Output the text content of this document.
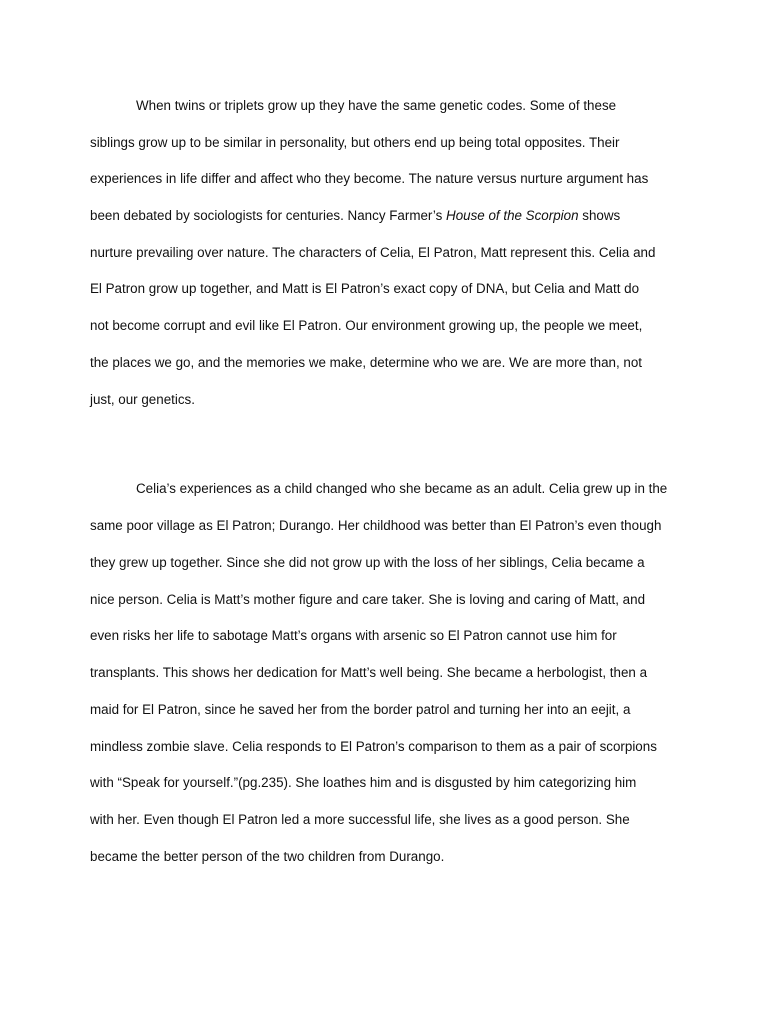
When twins or triplets grow up they have the same genetic codes. Some of these
siblings grow up to be similar in personality, but others end up being total opposites. Their
experiences in life differ and affect who they become. The nature versus nurture argument has
been debated by sociologists for centuries. Nancy Farmer’s House of the Scorpion shows
nurture prevailing over nature. The characters of Celia, El Patron, Matt represent this. Celia and
El Patron grow up together, and Matt is El Patron’s exact copy of DNA, but Celia and Matt do
not become corrupt and evil like El Patron. Our environment growing up, the people we meet,
the places we go, and the memories we make, determine who we are. We are more than, not
just, our genetics.
Celia’s experiences as a child changed who she became as an adult. Celia grew up in the
same poor village as El Patron; Durango. Her childhood was better than El Patron’s even though
they grew up together. Since she did not grow up with the loss of her siblings, Celia became a
nice person. Celia is Matt’s mother figure and care taker. She is loving and caring of Matt, and
even risks her life to sabotage Matt’s organs with arsenic so El Patron cannot use him for
transplants. This shows her dedication for Matt’s well being. She became a herbologist, then a
maid for El Patron, since he saved her from the border patrol and turning her into an eejit, a
mindless zombie slave. Celia responds to El Patron’s comparison to them as a pair of scorpions
with “Speak for yourself.”(pg.235). She loathes him and is disgusted by him categorizing him
with her. Even though El Patron led a more successful life, she lives as a good person. She
became the better person of the two children from Durango.
